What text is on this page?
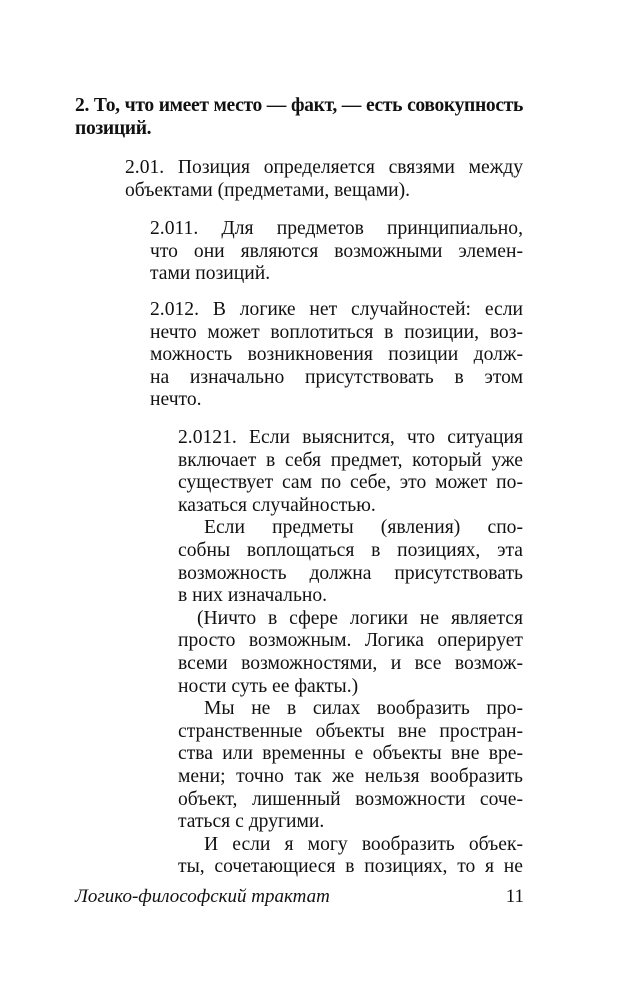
2. То, что имеет место — факт, — есть совокупность
позиций.
2.01. Позиция определяется связями между
объектами (предметами, вещами).
2.011. Для предметов принципиально,
что они являются возможными элемен-
тами позиций.
2.012. В логике нет случайностей: если
нечто может воплотиться в позиции, воз-
можность возникновения позиции долж-
на изначально присутствовать в этом
нечто.
2.0121. Если выяснится, что ситуация
включает в себя предмет, который уже
существует сам по себе, это может по-
казаться случайностью.
Если предметы (явления) спо-
собны воплощаться в позициях, эта
возможность должна присутствовать
в них изначально.
(Ничто в сфере логики не является
просто возможным. Логика оперирует
всеми возможностями, и все возмож-
ности суть ее факты.)
Мы не в силах вообразить про-
странственные объекты вне простран-
ства или временны е объекты вне вре-
мени; точно так же нельзя вообразить
объект, лишенный возможности сочe-
таться с другими.
И если я могу вообразить объек-
ты, сочетающиеся в позициях, то я не
Логико-философский трактат	11
